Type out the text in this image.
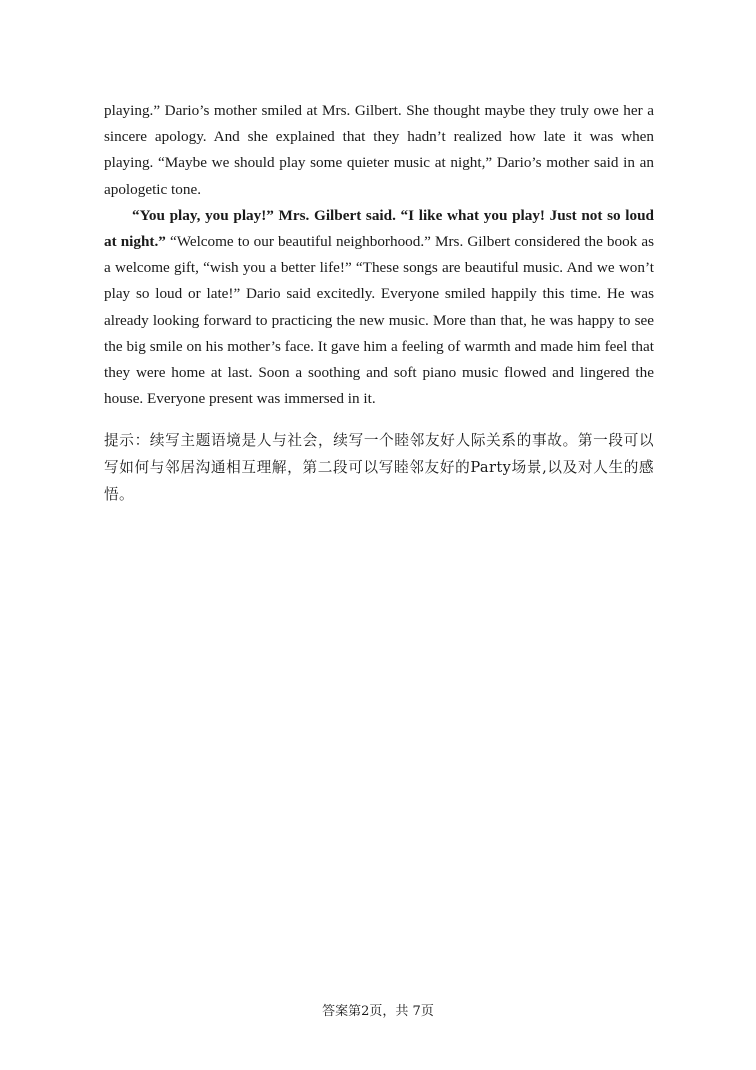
playing.” Dario’s mother smiled at Mrs. Gilbert. She thought maybe they truly owe her a sincere apology. And she explained that they hadn’t realized how late it was when playing. “Maybe we should play some quieter music at night,” Dario’s mother said in an apologetic tone.

“You play, you play!” Mrs. Gilbert said. “I like what you play! Just not so loud at night.” “Welcome to our beautiful neighborhood.” Mrs. Gilbert considered the book as a welcome gift, “wish you a better life!” “These songs are beautiful music. And we won’t play so loud or late!” Dario said excitedly. Everyone smiled happily this time. He was already looking forward to practicing the new music. More than that, he was happy to see the big smile on his mother’s face. It gave him a feeling of warmth and made him feel that they were home at last. Soon a soothing and soft piano music flowed and lingered the house. Everyone present was immersed in it.

提示：续写主题语境是人与社会，续写一个睦邻友好人际关系的事故。第一段可以写如何与邻居沟通相互理解，第二段可以写睦邻友好的Party场景,以及对人生的感悟。

答案第2页，共 7页
